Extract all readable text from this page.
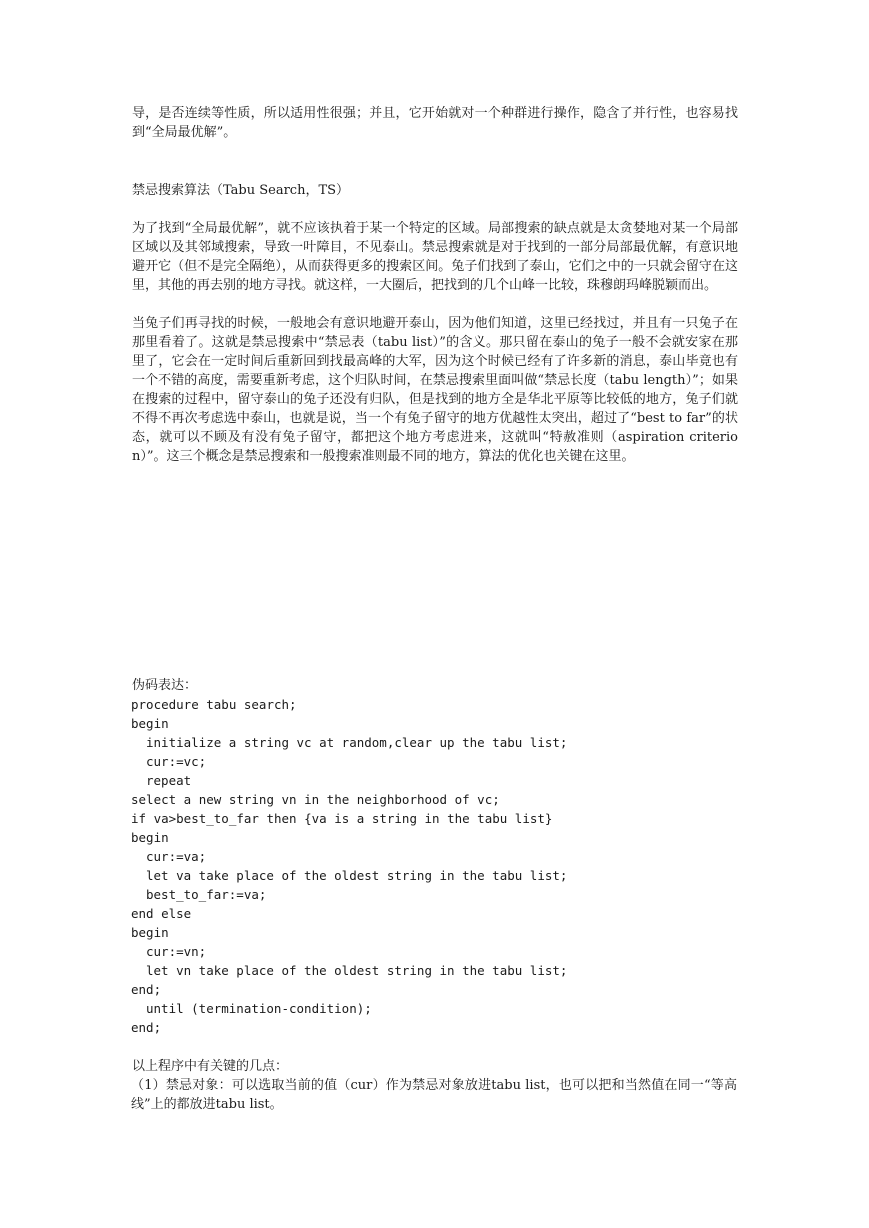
导，是否连续等性质，所以适用性很强；并且，它开始就对一个种群进行操作，隐含了并行性，也容易找到“全局最优解”。

禁忌搜索算法（Tabu Search，TS）

为了找到“全局最优解”，就不应该执着于某一个特定的区域。局部搜索的缺点就是太贪婪地对某一个局部区域以及其邻域搜索，导致一叶障目，不见泰山。禁忌搜索就是对于找到的一部分局部最优解，有意识地避开它（但不是完全隔绝），从而获得更多的搜索区间。兔子们找到了泰山，它们之中的一只就会留守在这里，其他的再去别的地方寻找。就这样，一大圈后，把找到的几个山峰一比较，珠穆朗玛峰脱颖而出。

当兔子们再寻找的时候，一般地会有意识地避开泰山，因为他们知道，这里已经找过，并且有一只兔子在那里看着了。这就是禁忌搜索中“禁忌表（tabu list）”的含义。那只留在泰山的兔子一般不会就安家在那里了，它会在一定时间后重新回到找最高峰的大军，因为这个时候已经有了许多新的消息，泰山毕竟也有一个不错的高度，需要重新考虑，这个归队时间，在禁忌搜索里面叫做“禁忌长度（tabu length）”；如果在搜索的过程中，留守泰山的兔子还没有归队，但是找到的地方全是华北平原等比较低的地方，兔子们就不得不再次考虑选中泰山，也就是说，当一个有兔子留守的地方优越性太突出，超过了“best to far”的状态，就可以不顾及有没有兔子留守，都把这个地方考虑进来，这就叫“特赦准则（aspiration criterion）”。这三个概念是禁忌搜索和一般搜索准则最不同的地方，算法的优化也关键在这里。

伪码表达：

procedure tabu search;
begin
initialize a string vc at random,clear up the tabu list;
cur:=vc;
repeat
select a new string vn in the neighborhood of vc;
if va>best_to_far then {va is a string in the tabu list}
begin
cur:=va;
let va take place of the oldest string in the tabu list;
best_to_far:=va;
end else
begin
cur:=vn;
let vn take place of the oldest string in the tabu list;
end;
until (termination-condition);
end;

以上程序中有关键的几点：

（1）禁忌对象：可以选取当前的值（cur）作为禁忌对象放进tabu list，也可以把和当然值在同一“等高线”上的都放进tabu list。
